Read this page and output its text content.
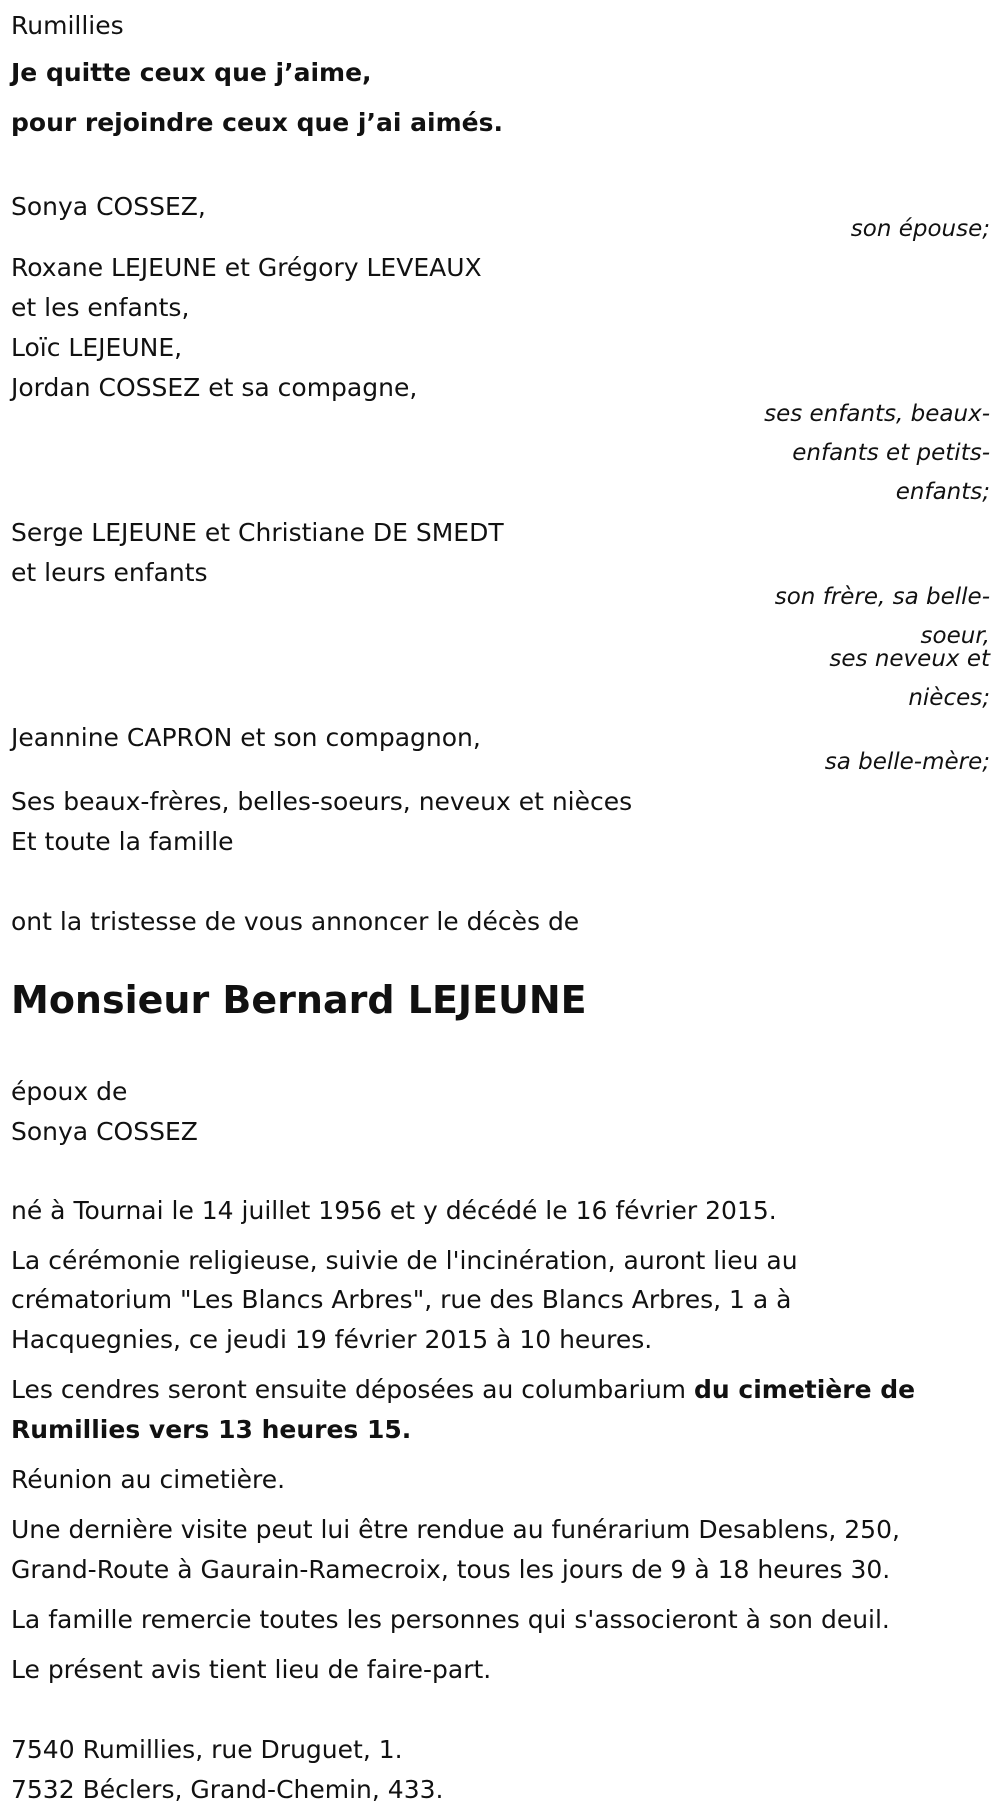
Rumillies
Je quitte ceux que j’aime,
pour rejoindre ceux que j’ai aimés.
Sonya COSSEZ,
son épouse;
Roxane LEJEUNE et Grégory LEVEAUX
et les enfants,
Loïc LEJEUNE,
Jordan COSSEZ et sa compagne,
ses enfants, beaux-
enfants et petits-
enfants;
Serge LEJEUNE et Christiane DE SMEDT
et leurs enfants
son frère, sa belle-
soeur,
ses neveux et
nièces;
Jeannine CAPRON et son compagnon,
sa belle-mère;
Ses beaux-frères, belles-soeurs, neveux et nièces
Et toute la famille
ont la tristesse de vous annoncer le décès de
Monsieur Bernard LEJEUNE
époux de
Sonya COSSEZ
né à Tournai le 14 juillet 1956 et y décédé le 16 février 2015.
La cérémonie religieuse, suivie de l'incinération, auront lieu au
crématorium "Les Blancs Arbres", rue des Blancs Arbres, 1 a à
Hacquegnies, ce jeudi 19 février 2015 à 10 heures.
Les cendres seront ensuite déposées au columbarium du cimetière de
Rumillies vers 13 heures 15.
Réunion au cimetière.
Une dernière visite peut lui être rendue au funérarium Desablens, 250,
Grand-Route à Gaurain-Ramecroix, tous les jours de 9 à 18 heures 30.
La famille remercie toutes les personnes qui s'associeront à son deuil.
Le présent avis tient lieu de faire-part.
7540 Rumillies, rue Druguet, 1.
7532 Béclers, Grand-Chemin, 433.
